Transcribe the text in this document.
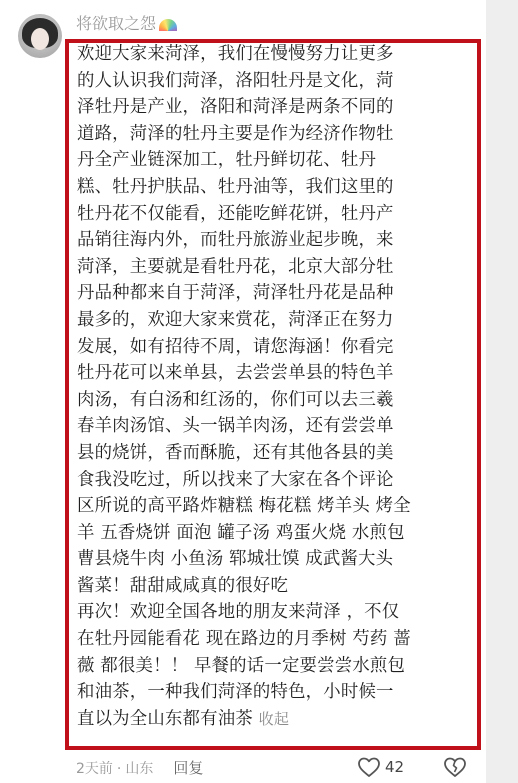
将欲取之怨
欢迎大家来菏泽，我们在慢慢努力让更多
的人认识我们菏泽，洛阳牡丹是文化，菏
泽牡丹是产业，洛阳和菏泽是两条不同的
道路，菏泽的牡丹主要是作为经济作物牡
丹全产业链深加工，牡丹鲜切花、牡丹
糕、牡丹护肤品、牡丹油等，我们这里的
牡丹花不仅能看，还能吃鲜花饼，牡丹产
品销往海内外，而牡丹旅游业起步晚，来
菏泽，主要就是看牡丹花，北京大部分牡
丹品种都来自于菏泽，菏泽牡丹花是品种
最多的，欢迎大家来赏花，菏泽正在努力
发展，如有招待不周，请您海涵！你看完
牡丹花可以来单县，去尝尝单县的特色羊
肉汤，有白汤和红汤的，你们可以去三羲
春羊肉汤馆、头一锅羊肉汤，还有尝尝单
县的烧饼，香而酥脆，还有其他各县的美
食我没吃过，所以找来了大家在各个评论
区所说的高平路炸糖糕 梅花糕 烤羊头 烤全
羊 五香烧饼 面泡 罐子汤 鸡蛋火烧 水煎包
曹县烧牛肉 小鱼汤 郓城壮馍 成武酱大头
酱菜！甜甜咸咸真的很好吃
再次！欢迎全国各地的朋友来菏泽 ，不仅
在牡丹园能看花 现在路边的月季树 芍药 蔷
薇 都很美！！ 早餐的话一定要尝尝水煎包
和油茶，一种我们菏泽的特色，小时候一
直以为全山东都有油茶 收起
2天前 · 山东 回复	42
